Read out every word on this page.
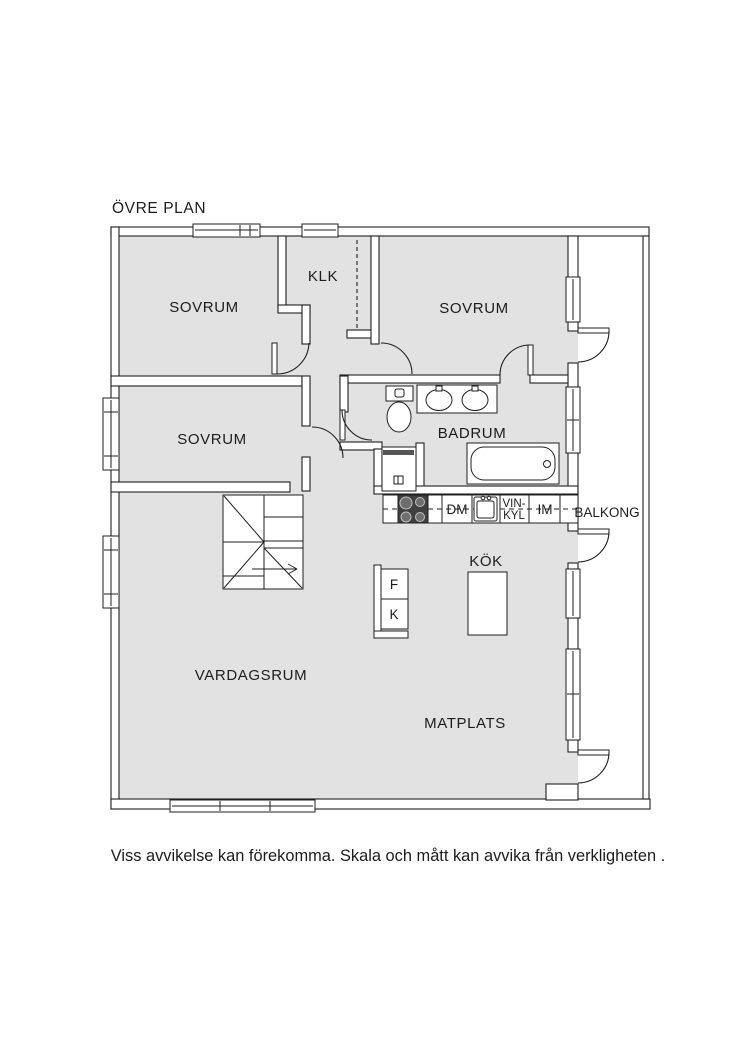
ÖVRE PLAN
SOVRUM
KLK
SOVRUM
SOVRUM	BADRUM
KÖK
VARDAGSRUM
MATPLATS
BALKONG
DM	VIN-
KYL IM
F
K
Viss avvikelse kan förekomma. Skala och mått kan avvika från verkligheten .
